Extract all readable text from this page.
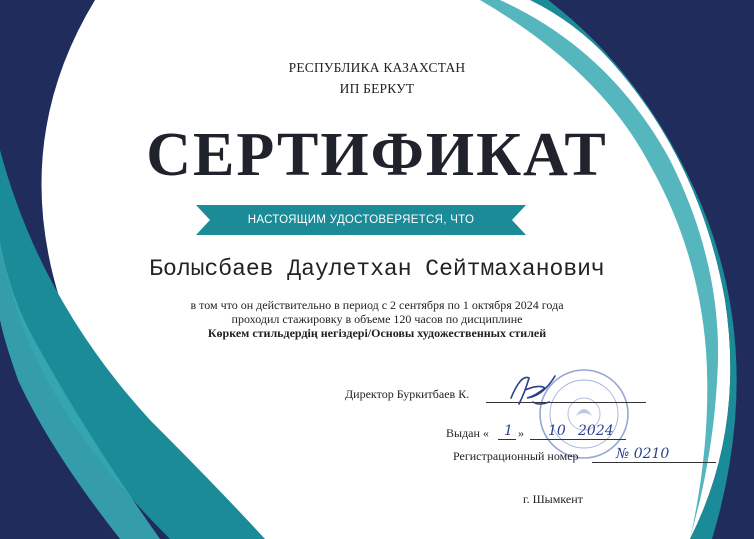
РЕСПУБЛИКА КАЗАХСТАН
ИП БЕРКУТ
СЕРТИФИКАТ
НАСТОЯЩИМ УДОСТОВЕРЯЕТСЯ, ЧТО
Болысбаев Даулетхан Сейтмаханович
в том что он действительно в период с 2 сентября по 1 октября 2024 года
проходил стажировку в объеме 120 часов по дисциплине
Көркем стильдердің негіздері/Основы художественных стилей
Директор Буркитбаев К.
Выдан « 1 » 10 2024
Регистрационный номер	№ 0210
г. Шымкент
